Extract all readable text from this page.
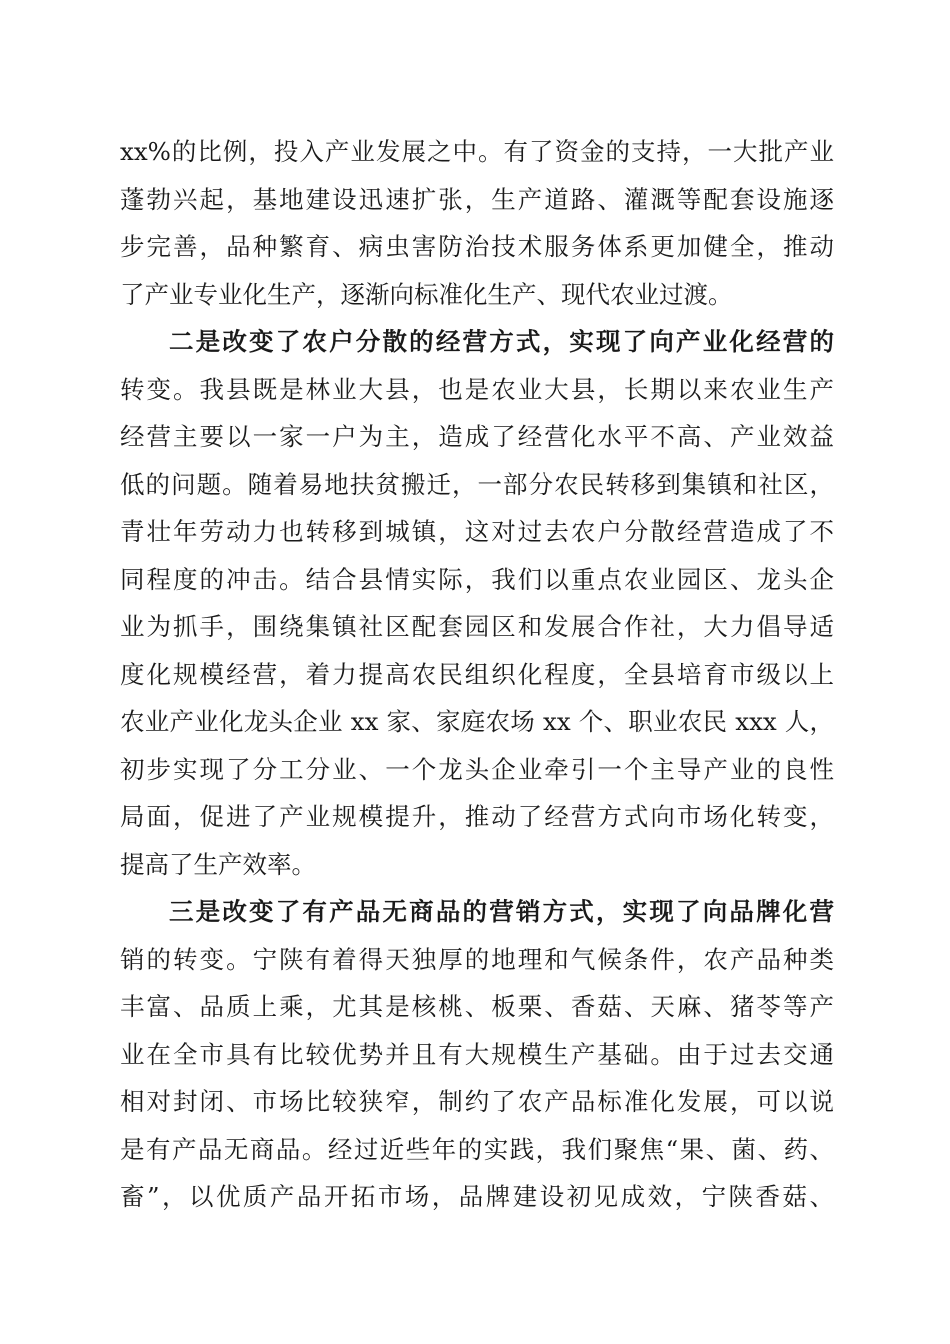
xx%的比例，投入产业发展之中。有了资金的支持，一大批产业
蓬勃兴起，基地建设迅速扩张，生产道路、灌溉等配套设施逐
步完善，品种繁育、病虫害防治技术服务体系更加健全，推动
了产业专业化生产，逐渐向标准化生产、现代农业过渡。
二是改变了农户分散的经营方式，实现了向产业化经营的
转变。我县既是林业大县，也是农业大县，长期以来农业生产
经营主要以一家一户为主，造成了经营化水平不高、产业效益
低的问题。随着易地扶贫搬迁，一部分农民转移到集镇和社区，
青壮年劳动力也转移到城镇，这对过去农户分散经营造成了不
同程度的冲击。结合县情实际，我们以重点农业园区、龙头企
业为抓手，围绕集镇社区配套园区和发展合作社，大力倡导适
度化规模经营，着力提高农民组织化程度，全县培育市级以上
农业产业化龙头企业 xx 家、家庭农场 xx 个、职业农民 xxx 人，
初步实现了分工分业、一个龙头企业牵引一个主导产业的良性
局面，促进了产业规模提升，推动了经营方式向市场化转变，
提高了生产效率。
三是改变了有产品无商品的营销方式，实现了向品牌化营
销的转变。宁陕有着得天独厚的地理和气候条件，农产品种类
丰富、品质上乘，尤其是核桃、板栗、香菇、天麻、猪苓等产
业在全市具有比较优势并且有大规模生产基础。由于过去交通
相对封闭、市场比较狭窄，制约了农产品标准化发展，可以说
是有产品无商品。经过近些年的实践，我们聚焦“果、菌、药、
畜”，以优质产品开拓市场，品牌建设初见成效，宁陕香菇、
